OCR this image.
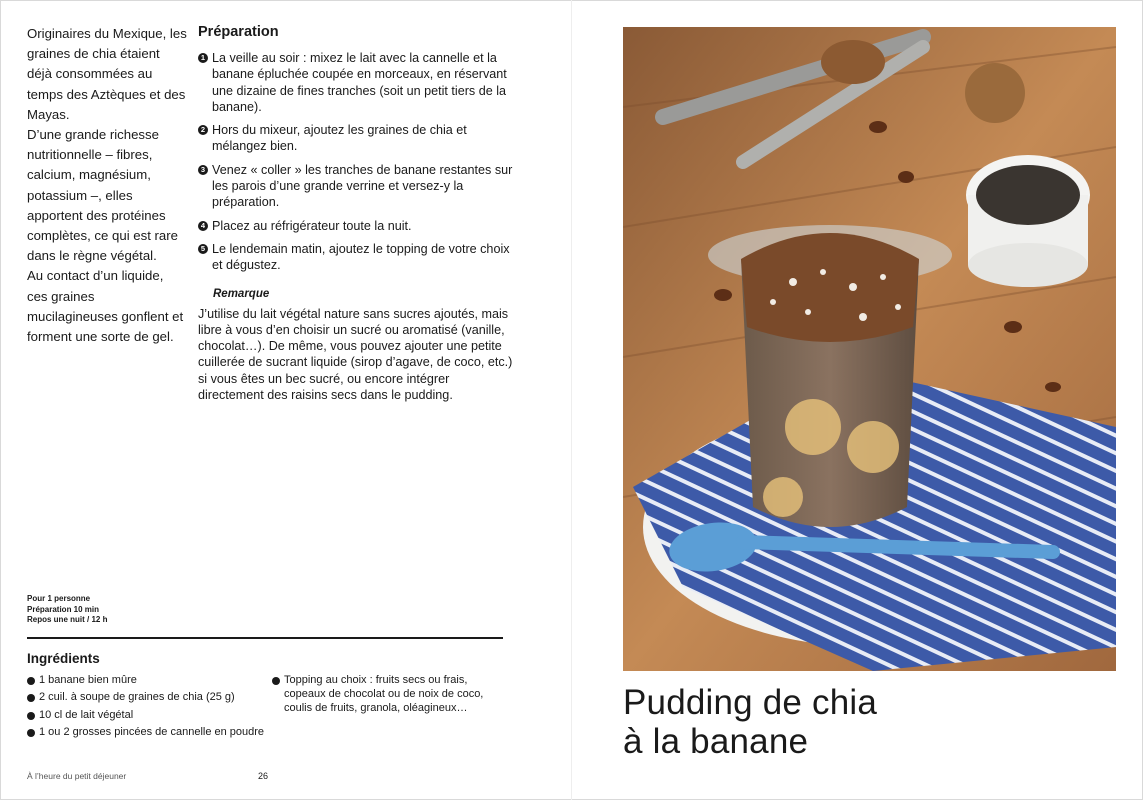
Originaires du Mexique, les graines de chia étaient déjà consommées au temps des Aztèques et des Mayas.

D’une grande richesse nutritionnelle – fibres, calcium, magnésium, potassium –, elles apportent des protéines complètes, ce qui est rare dans le règne végétal.

Au contact d’un liquide, ces graines mucilagineuses gonflent et forment une sorte de gel.

Préparation
1 La veille au soir : mixez le lait avec la cannelle et la banane épluchée coupée en morceaux, en réservant une dizaine de fines tranches (soit un petit tiers de la banane).
2 Hors du mixeur, ajoutez les graines de chia et mélangez bien.
3 Venez « coller » les tranches de banane restantes sur les parois d’une grande verrine et versez-y la préparation.
4 Placez au réfrigérateur toute la nuit.
5 Le lendemain matin, ajoutez le topping de votre choix et dégustez.
Remarque

J’utilise du lait végétal nature sans sucres ajoutés, mais libre à vous d’en choisir un sucré ou aromatisé (vanille, chocolat…). De même, vous pouvez ajouter une petite cuillerée de sucrant liquide (sirop d’agave, de coco, etc.) si vous êtes un bec sucré, ou encore intégrer directement des raisins secs dans le pudding.

Pour 1 personne
Préparation 10 min
Repos une nuit / 12 h
Ingrédients
1 banane bien mûre
2 cuil. à soupe de graines de chia (25 g)
10 cl de lait végétal
1 ou 2 grosses pincées de cannelle en poudre
Topping au choix : fruits secs ou frais, copeaux de chocolat ou de noix de coco, coulis de fruits, granola, oléagineux…
À l’heure du petit déjeuner	26
Pudding de chia
à la banane
